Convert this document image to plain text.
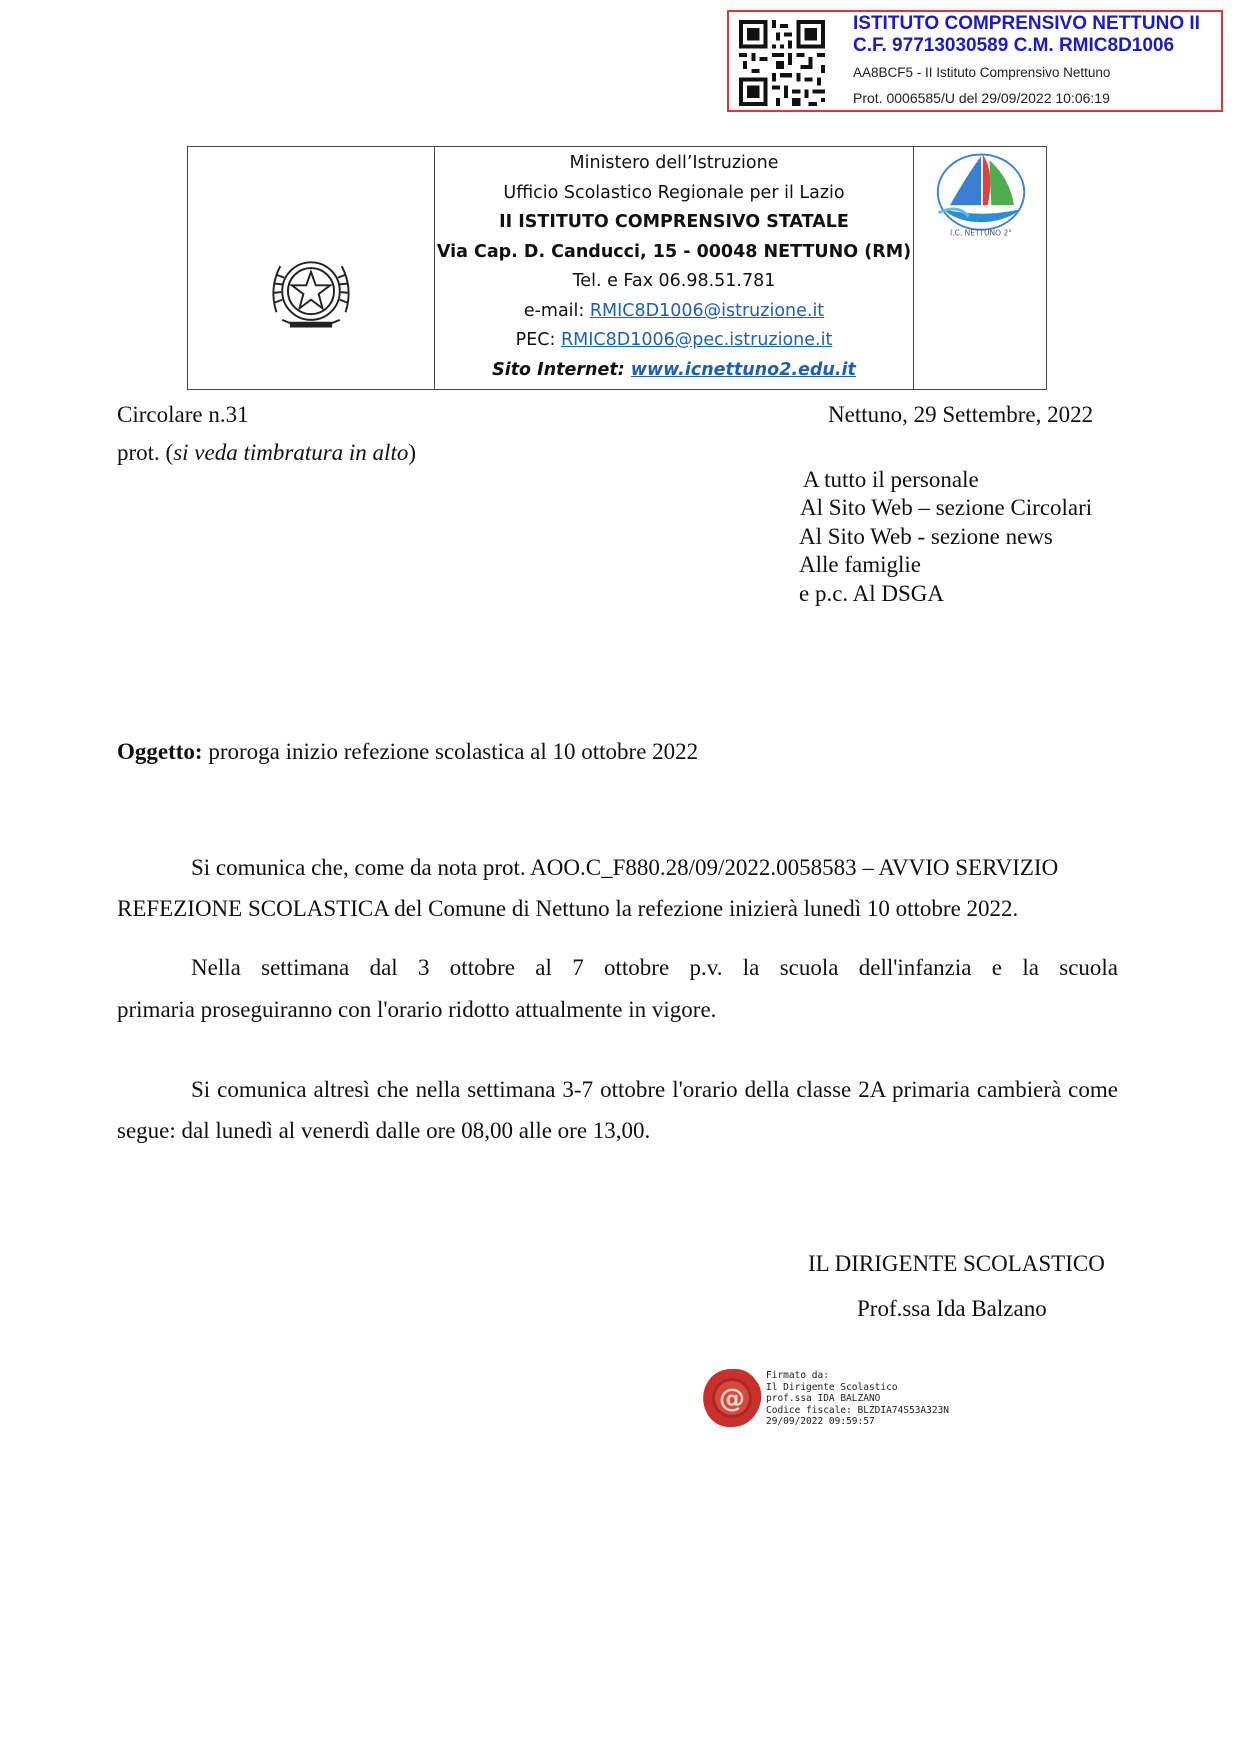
ISTITUTO COMPRENSIVO NETTUNO II
C.F. 97713030589 C.M. RMIC8D1006
AA8BCF5 - II Istituto Comprensivo Nettuno
Prot. 0006585/U del 29/09/2022 10:06:19
Ministero dell’Istruzione
Ufficio Scolastico Regionale per il Lazio
II ISTITUTO COMPRENSIVO STATALE
Via Cap. D. Canducci, 15 - 00048 NETTUNO (RM)
Tel. e Fax 06.98.51.781
e-mail: RMIC8D1006@istruzione.it
PEC: RMIC8D1006@pec.istruzione.it
Sito Internet: www.icnettuno2.edu.it
I.C. NETTUNO 2°
Circolare n.31	Nettuno, 29 Settembre, 2022
prot. (si veda timbratura in alto)
A tutto il personale
Al Sito Web – sezione Circolari
Al Sito Web - sezione news
Alle famiglie
e p.c. Al DSGA
Oggetto: proroga inizio refezione scolastica al 10 ottobre 2022
Si comunica che, come da nota prot. AOO.C_F880.28/09/2022.0058583 – AVVIO SERVIZIO
REFEZIONE SCOLASTICA del Comune di Nettuno la refezione inizierà lunedì 10 ottobre 2022.
Nella settimana dal 3 ottobre al 7 ottobre p.v. la scuola dell'infanzia e la scuola
primaria proseguiranno con l'orario ridotto attualmente in vigore.
Si comunica altresì che nella settimana 3-7 ottobre l'orario della classe 2A primaria cambierà come
segue: dal lunedì al venerdì dalle ore 08,00 alle ore 13,00.
IL DIRIGENTE SCOLASTICO
Prof.ssa Ida Balzano
@
Firmato da:
Il Dirigente Scolastico
prof.ssa IDA BALZANO
Codice fiscale: BLZDIA74S53A323N
29/09/2022 09:59:57
